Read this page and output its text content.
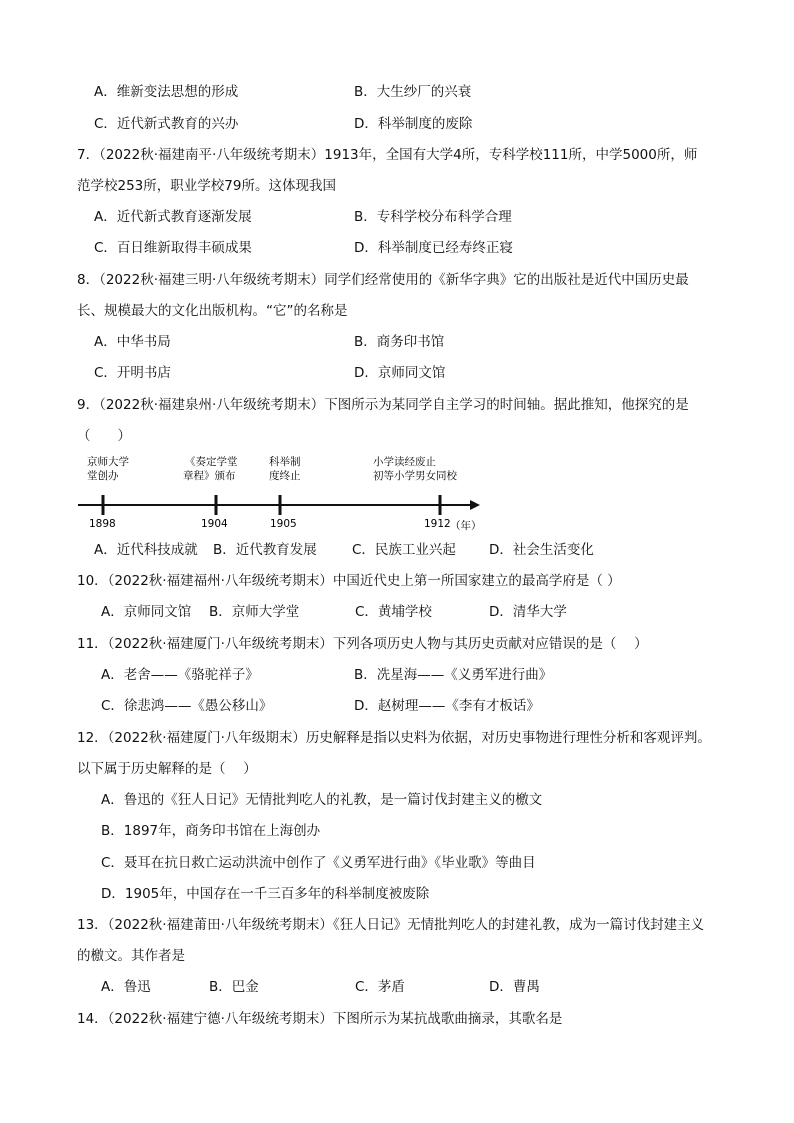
A．维新变法思想的形成	B．大生纱厂的兴衰
C．近代新式教育的兴办	D．科举制度的废除
7．（2022秋·福建南平·八年级统考期末）1913年，全国有大学4所，专科学校111所，中学5000所，师
范学校253所，职业学校79所。这体现我国
A．近代新式教育逐渐发展	B．专科学校分布科学合理
C．百日维新取得丰硕成果	D．科举制度已经寿终正寝
8．（2022秋·福建三明·八年级统考期末）同学们经常使用的《新华字典》它的出版社是近代中国历史最
长、规模最大的文化出版机构。“它”的名称是
A．中华书局	B．商务印书馆
C．开明书店	D．京师同文馆
9．（2022秋·福建泉州·八年级统考期末）下图所示为某同学自主学习的时间轴。据此推知，他探究的是
（　　）
京师大学
堂创办
1898
《奏定学堂
章程》颁布
1904
科举制
度终止
1905
小学读经废止
初等小学男女同校
1912 （年）
A．近代科技成就 B．近代教育发展	C．民族工业兴起 D．社会生活变化
10．（2022秋·福建福州·八年级统考期末）中国近代史上第一所国家建立的最高学府是（ ）
A．京师同文馆 B．京师大学堂	C．黄埔学校	D．清华大学
11．（2022秋·福建厦门·八年级统考期末）下列各项历史人物与其历史贡献对应错误的是（　 ）
A．老舍——《骆驼祥子》	B．冼星海——《义勇军进行曲》
C．徐悲鸿——《愚公移山》	D．赵树理——《李有才板话》
12．（2022秋·福建厦门·八年级期末）历史解释是指以史料为依据，对历史事物进行理性分析和客观评判。
以下属于历史解释的是（　 ）
A．鲁迅的《狂人日记》无情批判吃人的礼教，是一篇讨伐封建主义的檄文
B．1897年，商务印书馆在上海创办
C．聂耳在抗日救亡运动洪流中创作了《义勇军进行曲》《毕业歌》等曲目
D．1905年，中国存在一千三百多年的科举制度被废除
13．（2022秋·福建莆田·八年级统考期末）《狂人日记》无情批判吃人的封建礼教，成为一篇讨伐封建主义
的檄文。其作者是
A．鲁迅	B．巴金	C．茅盾	D．曹禺
14．（2022秋·福建宁德·八年级统考期末）下图所示为某抗战歌曲摘录，其歌名是
